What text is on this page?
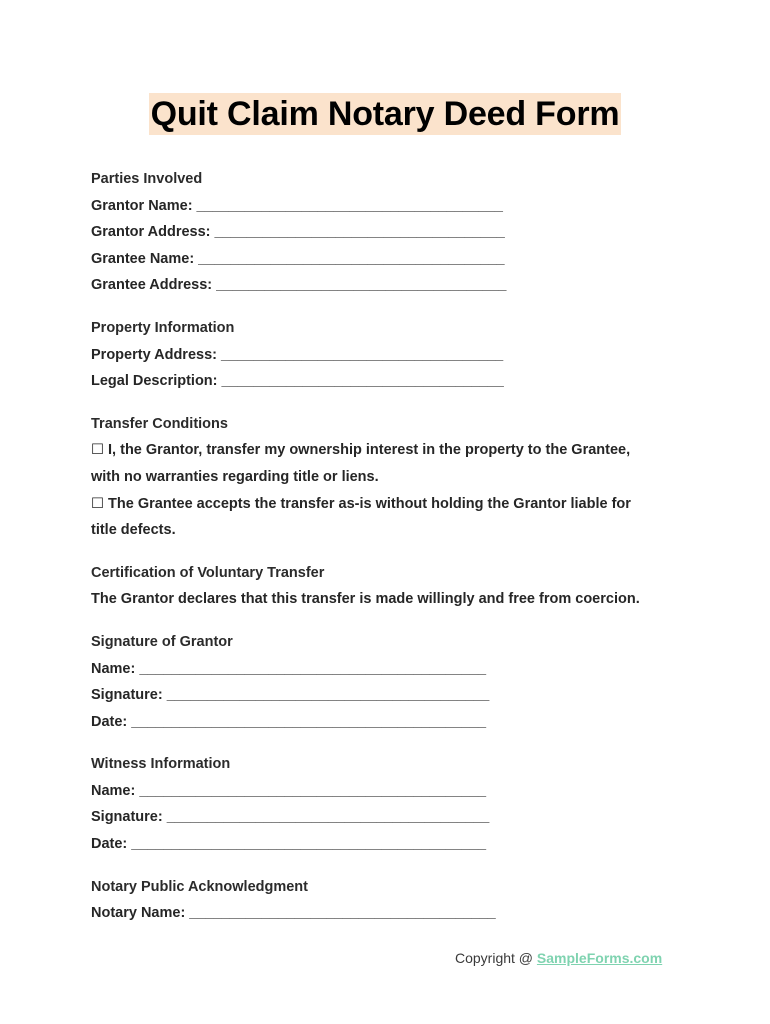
Quit Claim Notary Deed Form
Parties Involved
Grantor Name: ______________________________________
Grantor Address: ____________________________________
Grantee Name: ______________________________________
Grantee Address: ____________________________________
Property Information
Property Address: ___________________________________
Legal Description: ___________________________________
Transfer Conditions
☐ I, the Grantor, transfer my ownership interest in the property to the Grantee,
with no warranties regarding title or liens.
☐ The Grantee accepts the transfer as-is without holding the Grantor liable for
title defects.
Certification of Voluntary Transfer
The Grantor declares that this transfer is made willingly and free from coercion.
Signature of Grantor
Name: ___________________________________________
Signature: ________________________________________
Date: ____________________________________________
Witness Information
Name: ___________________________________________
Signature: ________________________________________
Date: ____________________________________________
Notary Public Acknowledgment
Notary Name: ______________________________________
Copyright @ SampleForms.com
